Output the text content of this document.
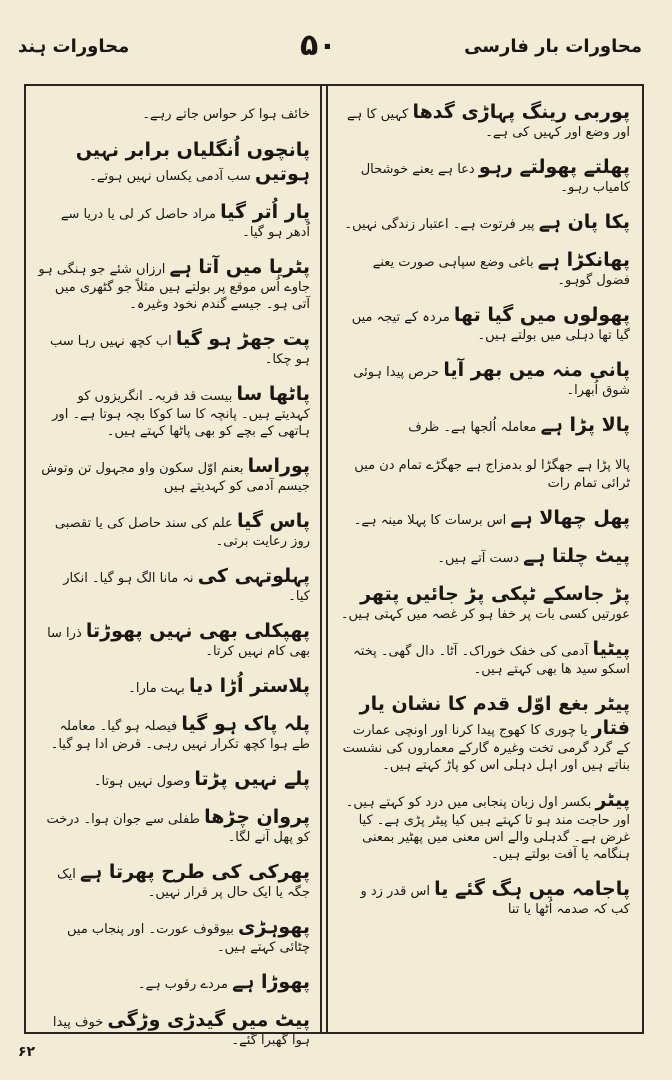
محاورات ہند	۵۰	محاورات بار فارسی

پوربی رینگ پہاڑی گدھا کہیں کا ہے اور وضع اور کہیں کی ہے۔

پھلتے پھولتے رہو دعا ہے یعنے خوشحال کامیاب رہو۔

پکا پان ہے پیر فرتوت ہے۔ اعتبار زندگی نہیں۔

پھانکڑا ہے باغی وضع سپاہی صورت یعنے فضول گوہو۔

پھولوں میں گیا تھا مردہ کے تیجہ میں گیا تھا دہلی میں بولتے ہیں۔

پانی منہ میں بھر آیا حرص پیدا ہوئی شوق اُبھرا۔

پالا پڑا ہے معاملہ اُلجھا ہے۔ ظرف

پالا پڑا ہے جھگڑا لو بدمزاج ہے جھگڑے تمام دن میں ٹرائی تمام رات

پھل چھالا ہے اس برسات کا پہلا مینہ ہے۔

پیٹ چلتا ہے دست آتے ہیں۔

پڑ جاسکے ٹپکی پڑ جائیں پتھر عورتیں کسی بات پر خفا ہو کر غصہ میں کہتی ہیں۔

پیٹیا آدمی کی خفک خوراک۔ آٹا۔ دال گھی۔ پختہ اسکو سید ھا بھی کہتے ہیں۔

پیٹر بغع اوّل قدم کا نشان یار فتار یا چوری کا کھوج پیدا کرنا اور اونچی عمارت کے گرد گرمی تخت وغیرہ گارکے معماروں کی نشست بناتے ہیں اور اہل دہلی اس کو پاڑ کہتے ہیں۔

پیٹر بکسر اول زبان پنجابی میں درد کو کہتے ہیں۔ اور حاجت مند ہو تا کہتے ہیں کیا پیٹر پڑی ہے۔ کیا غرض ہے۔ گدہلی والے اس معنی میں پھٹیر بمعنی ہنگامہ یا آفت بولتے ہیں۔

پاجامہ میں ہگ گئے یا اس قدر زد و کب کہ صدمہ اُٹھا یا تنا

خائف ہوا کر حواس جاتے رہے۔

پانچوں اُنگلیاں برابر نہیں ہوتیں سب آدمی یکساں نہیں ہوتے۔

پار اُتر گیا مراد حاصل کر لی یا دریا سے اُدھر ہو گیا۔

پٹریا میں آتا ہے ارزاں شئے جو ہنگی ہو جاوے اُس موقع پر بولتے ہیں مثلاً جو گٹھری میں آتی ہو۔ جیسے گندم نخود وغیرہ۔

پت جھڑ ہو گیا اب کچھ نہیں رہا سب ہو چکا۔

پاٹھا سا بیست قد فربہ۔ انگریزوں کو کہدیتے ہیں۔ پانچہ کا سا کوکا بچہ ہوتا ہے۔ اور ہاتھی کے بچے کو بھی پاٹھا کہتے ہیں۔

پوراسا بعنم اوّل سکون واو مجہول تن وتوش جیسم آدمی کو کہدیتے ہیں

پاس گیا علم کی سند حاصل کی یا تقصبی روز رعایت برتی۔

پہلوتہی کی نہ مانا الگ ہو گیا۔ انکار کیا۔

پھپکلی بھی نہیں پھوڑتا ذرا سا بھی کام نہیں کرتا۔

پلاستر اُڑا دیا بہت مارا۔

پلہ پاک ہو گیا فیصلہ ہو گیا۔ معاملہ طے ہوا کچھ تکرار نہیں رہی۔ قرض ادا ہو گیا۔

پلے نہیں پڑتا وصول نہیں ہوتا۔

پروان چڑھا طفلی سے جوان ہوا۔ درخت کو پھل آنے لگا۔

پھرکی کی طرح پھرتا ہے ایک جگہ یا ایک حال پر قرار نہیں۔

پھوہڑی بیوقوف عورت۔ اور پنجاب میں چٹائی کہتے ہیں۔

پھوڑا ہے مردے رقوب ہے۔

پیٹ میں گیدڑی وڑگی خوف پیدا ہوا گھبرا گئے۔

۶۲
